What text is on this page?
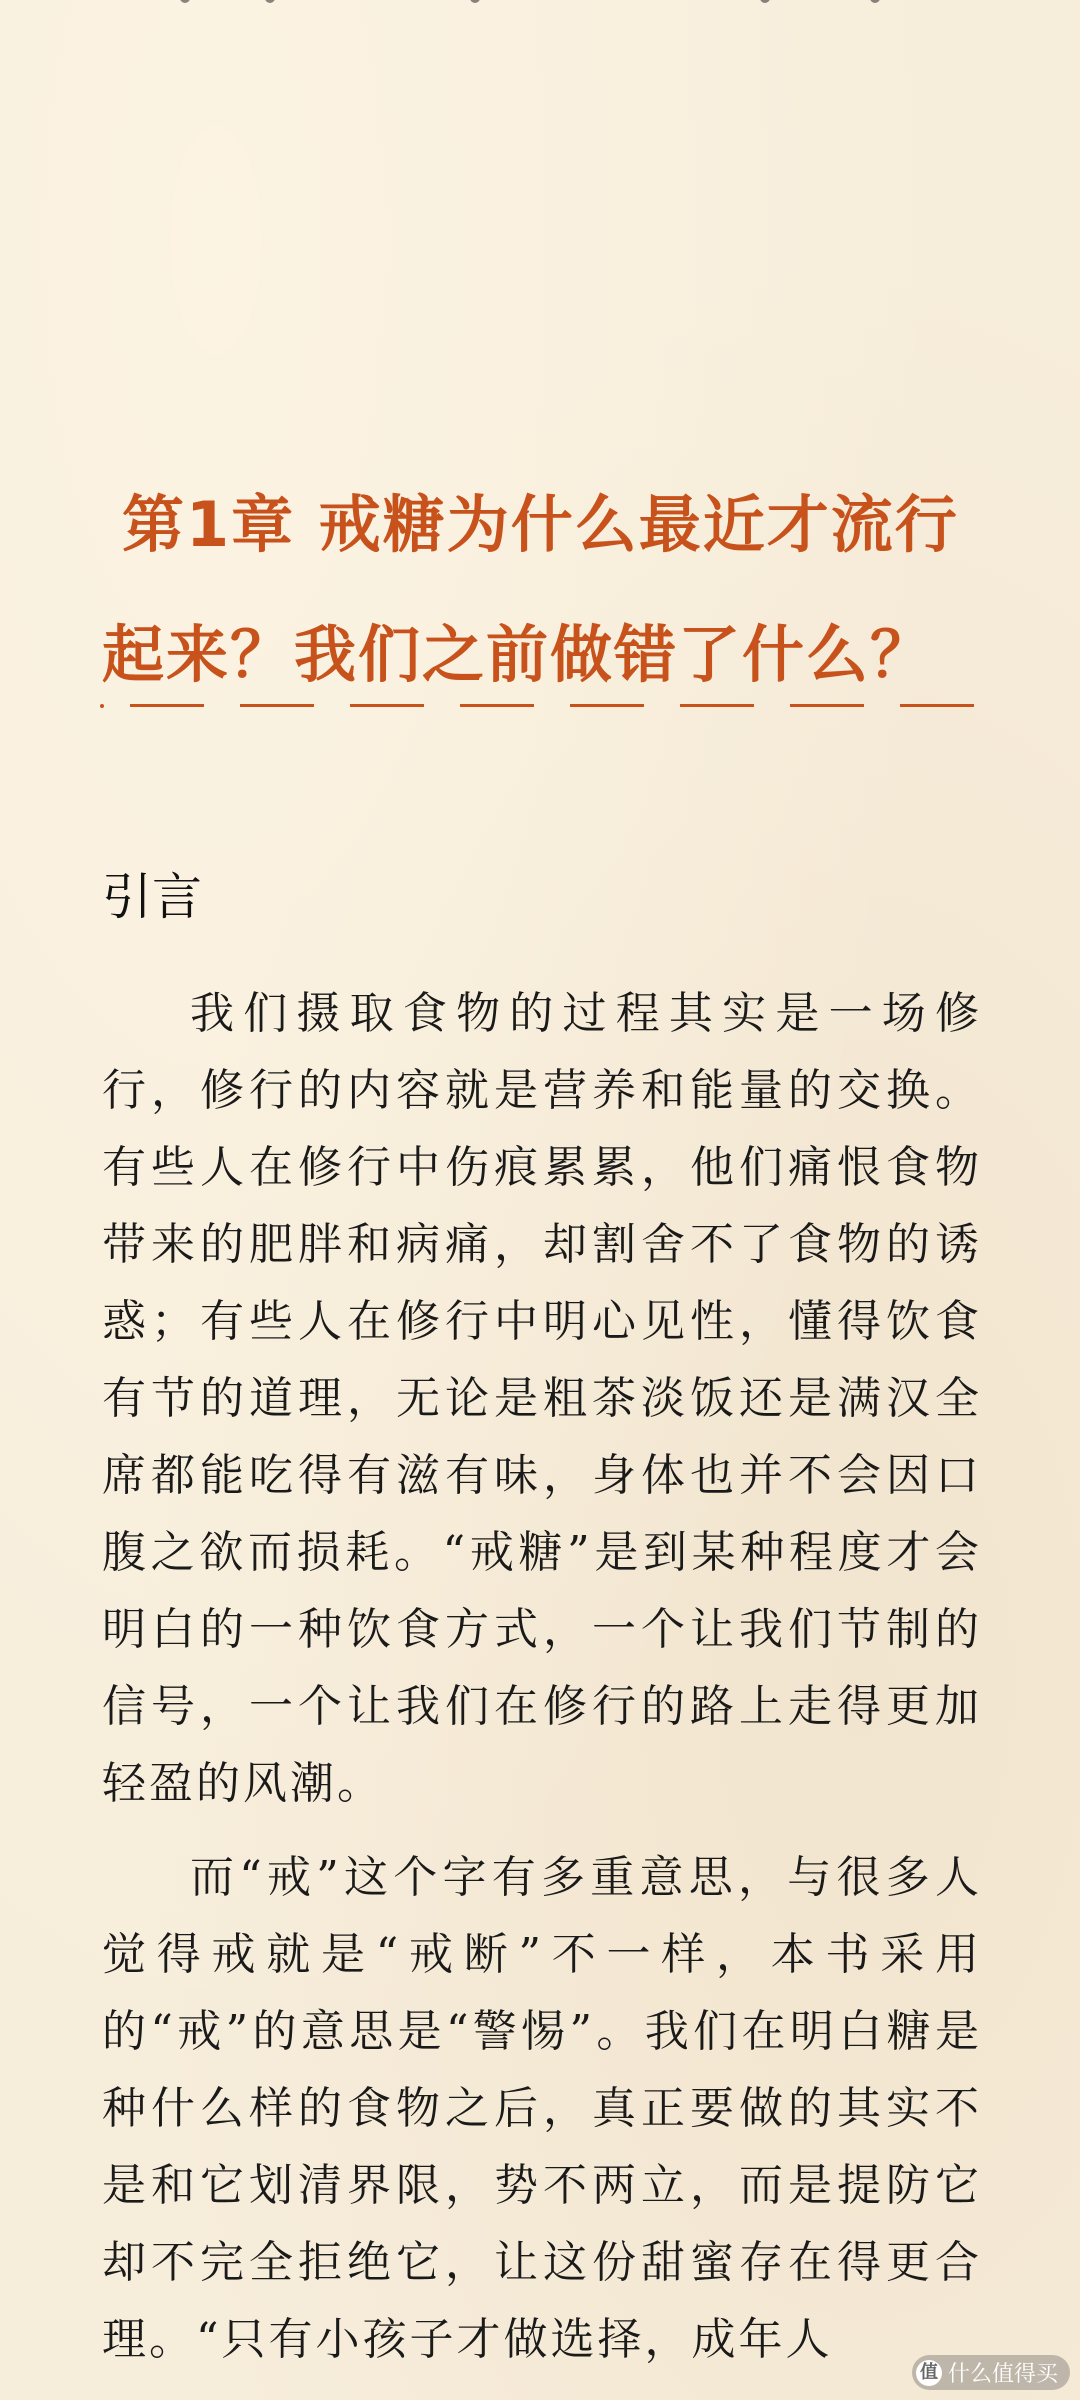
第1章 戒糖为什么最近才流行
起来？我们之前做错了什么？
引言

我们摄取食物的过程其实是一场修行，修行的内容就是营养和能量的交换。有些人在修行中伤痕累累，他们痛恨食物带来的肥胖和病痛，却割舍不了食物的诱惑；有些人在修行中明心见性，懂得饮食有节的道理，无论是粗茶淡饭还是满汉全席都能吃得有滋有味，身体也并不会因口腹之欲而损耗。“戒糖”是到某种程度才会明白的一种饮食方式，一个让我们节制的信号，一个让我们在修行的路上走得更加轻盈的风潮。

而“戒”这个字有多重意思，与很多人觉得戒就是“戒断”不一样，本书采用的“戒”的意思是“警惕”。我们在明白糖是种什么样的食物之后，真正要做的其实不是和它划清界限，势不两立，而是提防它却不完全拒绝它，让这份甜蜜存在得更合理。“只有小孩子才做选择，成年人

值 什么值得买
